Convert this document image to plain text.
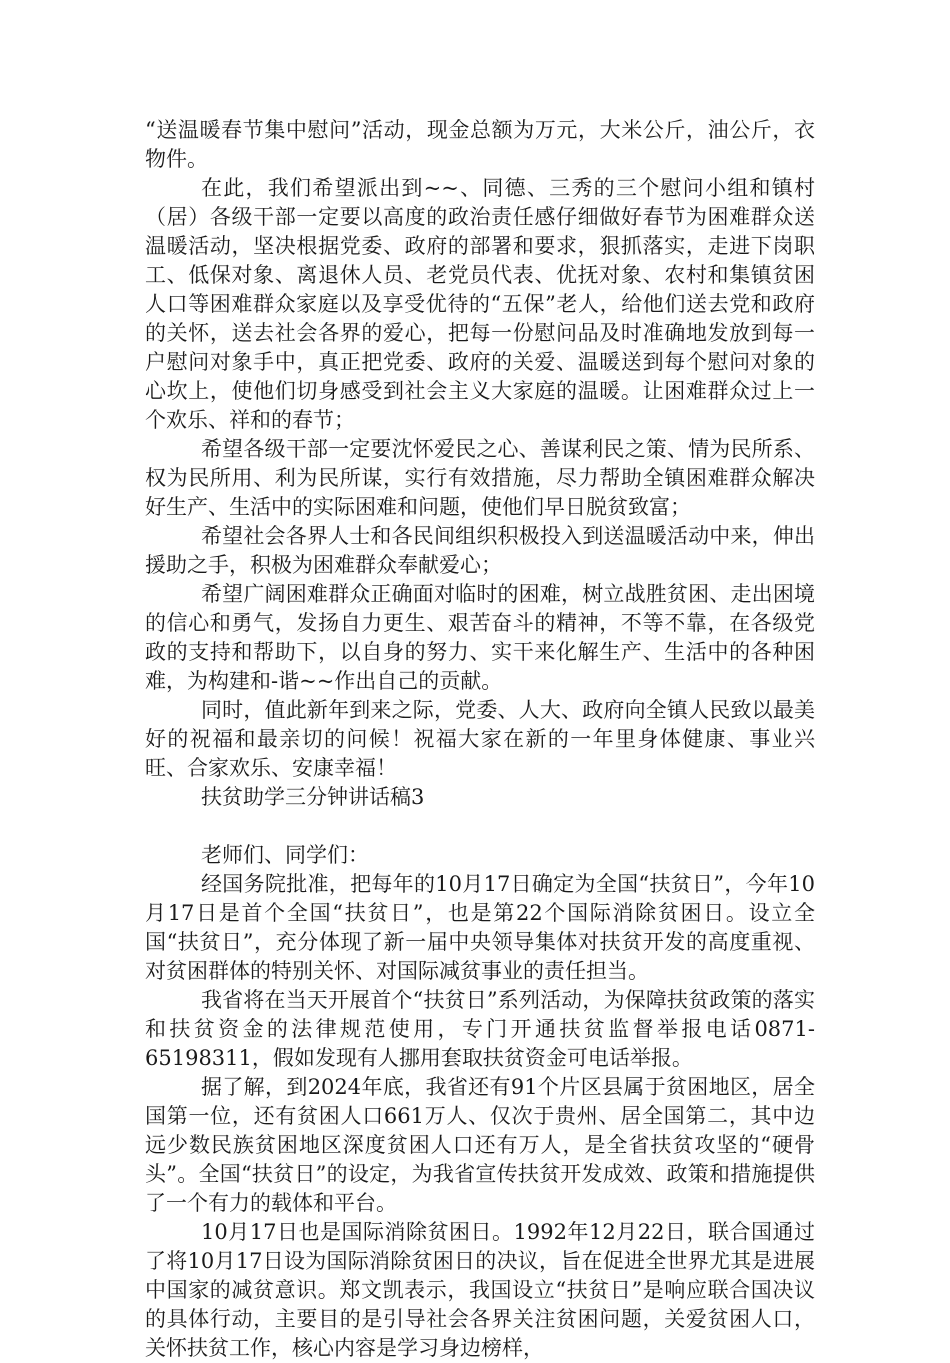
“送温暖春节集中慰问”活动，现金总额为万元，大米公斤，油公斤，衣物件。

在此，我们希望派出到~~、同德、三秀的三个慰问小组和镇村（居）各级干部一定要以高度的政治责任感仔细做好春节为困难群众送温暖活动，坚决根据党委、政府的部署和要求，狠抓落实，走进下岗职工、低保对象、离退休人员、老党员代表、优抚对象、农村和集镇贫困人口等困难群众家庭以及享受优待的“五保”老人，给他们送去党和政府的关怀，送去社会各界的爱心，把每一份慰问品及时准确地发放到每一户慰问对象手中，真正把党委、政府的关爱、温暖送到每个慰问对象的心坎上，使他们切身感受到社会主义大家庭的温暖。让困难群众过上一个欢乐、祥和的春节；

希望各级干部一定要沈怀爱民之心、善谋利民之策、情为民所系、权为民所用、利为民所谋，实行有效措施，尽力帮助全镇困难群众解决好生产、生活中的实际困难和问题，使他们早日脱贫致富；

希望社会各界人士和各民间组织积极投入到送温暖活动中来，伸出援助之手，积极为困难群众奉献爱心；

希望广阔困难群众正确面对临时的困难，树立战胜贫困、走出困境的信心和勇气，发扬自力更生、艰苦奋斗的精神，不等不靠，在各级党政的支持和帮助下，以自身的努力、实干来化解生产、生活中的各种困难，为构建和-谐~~作出自己的贡献。

同时，值此新年到来之际，党委、人大、政府向全镇人民致以最美好的祝福和最亲切的问候！祝福大家在新的一年里身体健康、事业兴旺、合家欢乐、安康幸福！

扶贫助学三分钟讲话稿3

老师们、同学们：

经国务院批准，把每年的10月17日确定为全国“扶贫日”，今年10月17日是首个全国“扶贫日”，也是第22个国际消除贫困日。设立全国“扶贫日”，充分体现了新一届中央领导集体对扶贫开发的高度重视、对贫困群体的特别关怀、对国际减贫事业的责任担当。

我省将在当天开展首个“扶贫日”系列活动，为保障扶贫政策的落实和扶贫资金的法律规范使用，专门开通扶贫监督举报电话0871-65198311，假如发现有人挪用套取扶贫资金可电话举报。

据了解，到2024年底，我省还有91个片区县属于贫困地区，居全国第一位，还有贫困人口661万人、仅次于贵州、居全国第二，其中边远少数民族贫困地区深度贫困人口还有万人，是全省扶贫攻坚的“硬骨头”。全国“扶贫日”的设定，为我省宣传扶贫开发成效、政策和措施提供了一个有力的载体和平台。

10月17日也是国际消除贫困日。1992年12月22日，联合国通过了将10月17日设为国际消除贫困日的决议，旨在促进全世界尤其是进展中国家的减贫意识。郑文凯表示，我国设立“扶贫日”是响应联合国决议的具体行动，主要目的是引导社会各界关注贫困问题，关爱贫困人口，关怀扶贫工作，核心内容是学习身边榜样，
